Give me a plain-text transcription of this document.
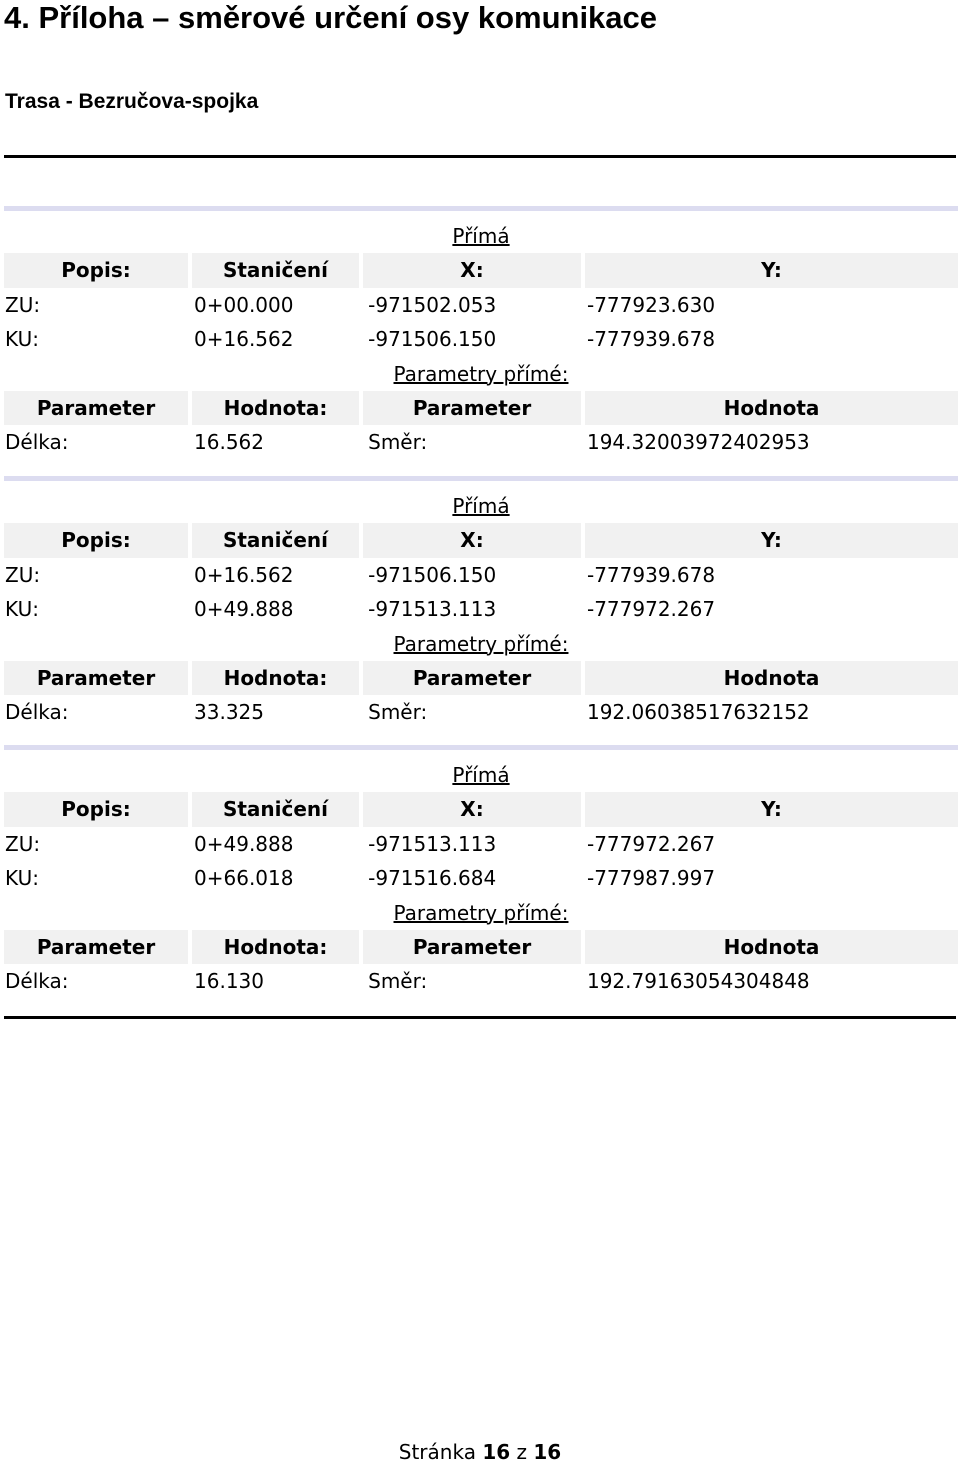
4. Příloha – směrové určení osy komunikace
Trasa - Bezručova-spojka
Přímá
Popis:	Staničení	X:	Y:
ZU:	0+00.000	-971502.053	-777923.630
KU:	0+16.562	-971506.150	-777939.678
Parametry přímé:
Parameter	Hodnota:	Parameter	Hodnota
Délka:	16.562	Směr:	194.32003972402953
Přímá
Popis:	Staničení	X:	Y:
ZU:	0+16.562	-971506.150	-777939.678
KU:	0+49.888	-971513.113	-777972.267
Parametry přímé:
Parameter	Hodnota:	Parameter	Hodnota
Délka:	33.325	Směr:	192.06038517632152
Přímá
Popis:	Staničení	X:	Y:
ZU:	0+49.888	-971513.113	-777972.267
KU:	0+66.018	-971516.684	-777987.997
Parametry přímé:
Parameter	Hodnota:	Parameter	Hodnota
Délka:	16.130	Směr:	192.79163054304848
Stránka 16 z 16
